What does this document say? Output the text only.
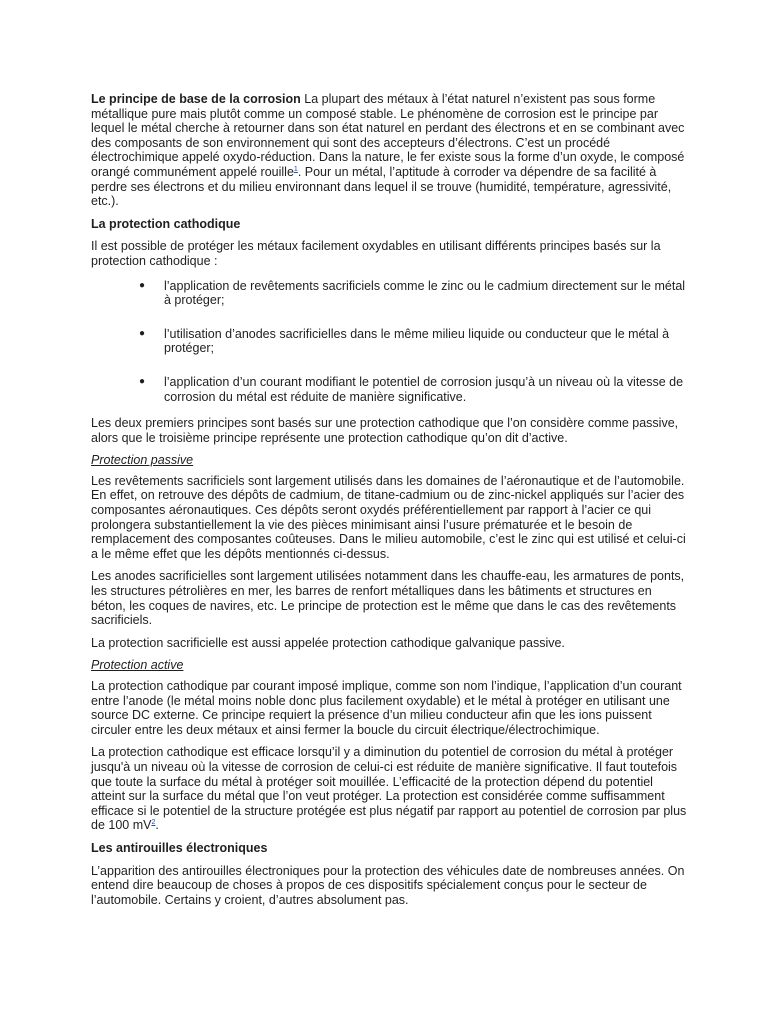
Le principe de base de la corrosion La plupart des métaux à l’état naturel n’existent pas sous forme métallique pure mais plutôt comme un composé stable. Le phénomène de corrosion est le principe par lequel le métal cherche à retourner dans son état naturel en perdant des électrons et en se combinant avec des composants de son environnement qui sont des accepteurs d’électrons. C’est un procédé électrochimique appelé oxydo-réduction. Dans la nature, le fer existe sous la forme d’un oxyde, le composé orangé communément appelé rouille$^1$. Pour un métal, l’aptitude à corroder va dépendre de sa facilité à perdre ses électrons et du milieu environnant dans lequel il se trouve (humidité, température, agressivité, etc.).

La protection cathodique

Il est possible de protéger les métaux facilement oxydables en utilisant différents principes basés sur la protection cathodique :

● l’application de revêtements sacrificiels comme le zinc ou le cadmium directement sur le métal à protéger;
● l’utilisation d’anodes sacrificielles dans le même milieu liquide ou conducteur que le métal à protéger;
● l’application d’un courant modifiant le potentiel de corrosion jusqu’à un niveau où la vitesse de corrosion du métal est réduite de manière significative.

Les deux premiers principes sont basés sur une protection cathodique que l’on considère comme passive, alors que le troisième principe représente une protection cathodique qu’on dit d’active.

Protection passive

Les revêtements sacrificiels sont largement utilisés dans les domaines de l’aéronautique et de l’automobile. En effet, on retrouve des dépôts de cadmium, de titane-cadmium ou de zinc-nickel appliqués sur l’acier des composantes aéronautiques. Ces dépôts seront oxydés préférentiellement par rapport à l’acier ce qui prolongera substantiellement la vie des pièces minimisant ainsi l’usure prématurée et le besoin de remplacement des composantes coûteuses. Dans le milieu automobile, c’est le zinc qui est utilisé et celui-ci a le même effet que les dépôts mentionnés ci-dessus.

Les anodes sacrificielles sont largement utilisées notamment dans les chauffe-eau, les armatures de ponts, les structures pétrolières en mer, les barres de renfort métalliques dans les bâtiments et structures en béton, les coques de navires, etc. Le principe de protection est le même que dans le cas des revêtements sacrificiels.

La protection sacrificielle est aussi appelée protection cathodique galvanique passive.

Protection active

La protection cathodique par courant imposé implique, comme son nom l’indique, l’application d’un courant entre l’anode (le métal moins noble donc plus facilement oxydable) et le métal à protéger en utilisant une source DC externe. Ce principe requiert la présence d’un milieu conducteur afin que les ions puissent circuler entre les deux métaux et ainsi fermer la boucle du circuit électrique/électrochimique.

La protection cathodique est efficace lorsqu’il y a diminution du potentiel de corrosion du métal à protéger jusqu'à un niveau où la vitesse de corrosion de celui-ci est réduite de manière significative. Il faut toutefois que toute la surface du métal à protéger soit mouillée. L’efficacité de la protection dépend du potentiel atteint sur la surface du métal que l’on veut protéger. La protection est considérée comme suffisamment efficace si le potentiel de la structure protégée est plus négatif par rapport au potentiel de corrosion par plus de 100 mV$^2$.

Les antirouilles électroniques

L’apparition des antirouilles électroniques pour la protection des véhicules date de nombreuses années. On entend dire beaucoup de choses à propos de ces dispositifs spécialement conçus pour le secteur de l’automobile. Certains y croient, d’autres absolument pas.
